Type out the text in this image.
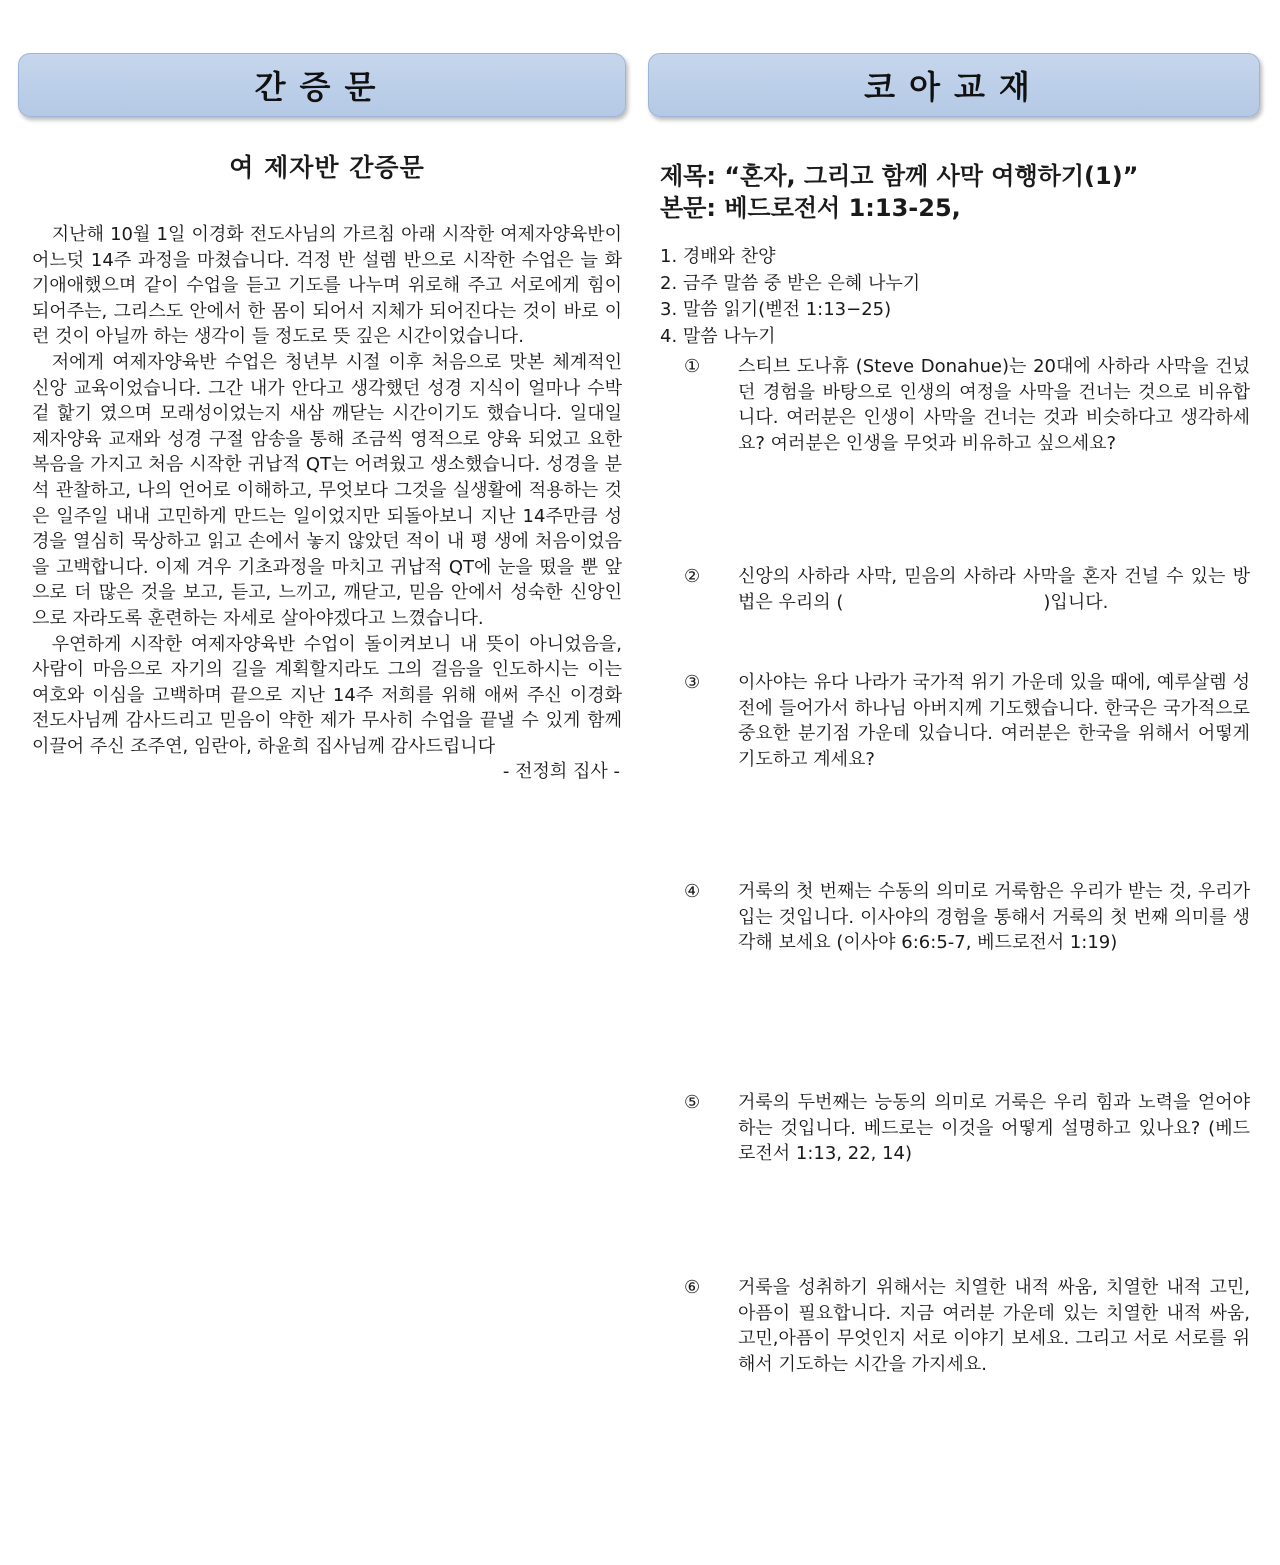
간증문	코아교재
여 제자반 간증문

지난해 10월 1일 이경화 전도사님의 가르침 아래 시작한 여제자양육반이 어느덧 14주 과정을 마쳤습니다. 걱정 반 설렘 반으로 시작한 수업은 늘 화기애애했으며 같이 수업을 듣고 기도를 나누며 위로해 주고 서로에게 힘이 되어주는, 그리스도 안에서 한 몸이 되어서 지체가 되어진다는 것이 바로 이런 것이 아닐까 하는 생각이 들 정도로 뜻 깊은 시간이었습니다.
저에게 여제자양육반 수업은 청년부 시절 이후 처음으로 맛본 체계적인 신앙 교육이었습니다. 그간 내가 안다고 생각했던 성경 지식이 얼마나 수박 겉 핥기 였으며 모래성이었는지 새삼 깨닫는 시간이기도 했습니다. 일대일 제자양육 교재와 성경 구절 암송을 통해 조금씩 영적으로 양육 되었고 요한복음을 가지고 처음 시작한 귀납적 QT는 어려웠고 생소했습니다. 성경을 분석 관찰하고, 나의 언어로 이해하고, 무엇보다 그것을 실생활에 적용하는 것은 일주일 내내 고민하게 만드는 일이었지만 되돌아보니 지난 14주만큼 성경을 열심히 묵상하고 읽고 손에서 놓지 않았던 적이 내 평 생에 처음이었음을 고백합니다. 이제 겨우 기초과정을 마치고 귀납적 QT에 눈을 떴을 뿐 앞으로 더 많은 것을 보고, 듣고, 느끼고, 깨닫고, 믿음 안에서 성숙한 신앙인으로 자라도록 훈련하는 자세로 살아야겠다고 느꼈습니다.
우연하게 시작한 여제자양육반 수업이 돌이켜보니 내 뜻이 아니었음을, 사람이 마음으로 자기의 길을 계획할지라도 그의 걸음을 인도하시는 이는 여호와 이심을 고백하며 끝으로 지난 14주 저희를 위해 애써 주신 이경화 전도사님께 감사드리고 믿음이 약한 제가 무사히 수업을 끝낼 수 있게 함께 이끌어 주신 조주연, 임란아, 하윤희 집사님께 감사드립니다

- 전정희 집사 -

제목: “혼자, 그리고 함께 사막 여행하기(1)”

본문: 베드로전서 1:13-25,

1. 경배와 찬양
2. 금주 말씀 중 받은 은혜 나누기
3. 말씀 읽기(벧전 1:13−25)
4. 말씀 나누기
① 스티브 도나휴 (Steve Donahue)는 20대에 사하라 사막을 건넜던 경험을 바탕으로 인생의 여정을 사막을 건너는 것으로 비유합니다. 여러분은 인생이 사막을 건너는 것과 비슷하다고 생각하세요? 여러분은 인생을 무엇과 비유하고 싶으세요?
② 신앙의 사하라 사막, 믿음의 사하라 사막을 혼자 건널 수 있는 방법은 우리의 (	)입니다.
③ 이사야는 유다 나라가 국가적 위기 가운데 있을 때에, 예루살렘 성전에 들어가서 하나님 아버지께 기도했습니다. 한국은 국가적으로 중요한 분기점 가운데 있습니다. 여러분은 한국을 위해서 어떻게 기도하고 계세요?
④ 거룩의 첫 번째는 수동의 의미로 거룩함은 우리가 받는 것, 우리가 입는 것입니다. 이사야의 경험을 통해서 거룩의 첫 번째 의미를 생각해 보세요 (이사야 6:6:5-7, 베드로전서 1:19)
⑤ 거룩의 두번째는 능동의 의미로 거룩은 우리 힘과 노력을 얻어야 하는 것입니다. 베드로는 이것을 어떻게 설명하고 있나요? (베드로전서 1:13, 22, 14)
⑥ 거룩을 성취하기 위해서는 치열한 내적 싸움, 치열한 내적 고민, 아픔이 필요합니다. 지금 여러분 가운데 있는 치열한 내적 싸움, 고민,아픔이 무엇인지 서로 이야기 보세요. 그리고 서로 서로를 위해서 기도하는 시간을 가지세요.
